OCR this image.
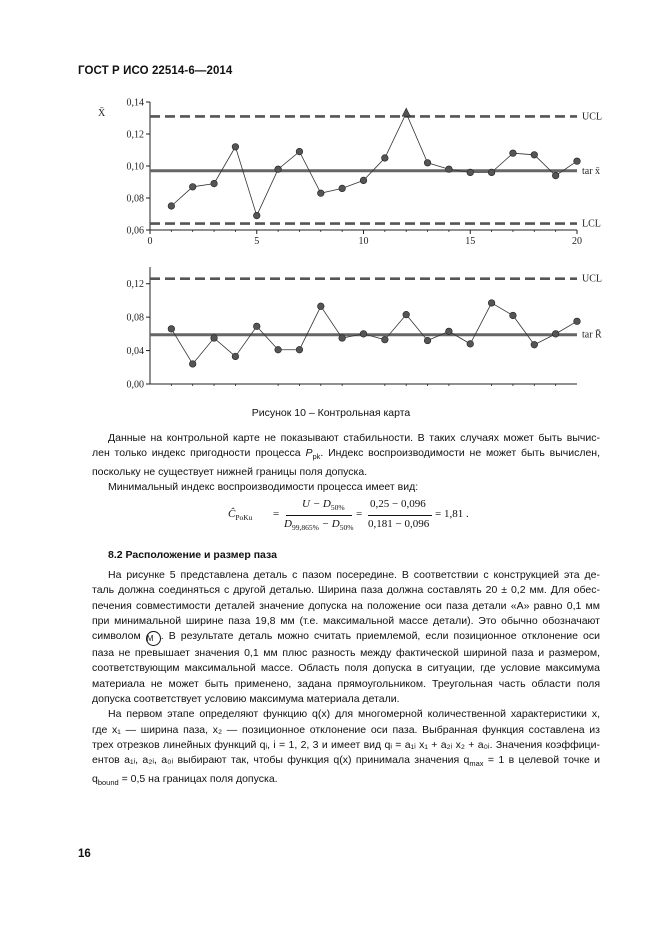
ГОСТ Р ИСО 22514-6—2014
0,06
0,08
0,10
0,12
0,14
0	5	10	15	20
UCL
tar x̄
LCL
X̄
0,00
0,04
0,08
0,12
UCL
tar R̄
Рисунок 10 – Контрольная карта

Данные на контрольной карте не показывают стабильности. В таких случаях может быть вычис-

лен только индекс пригодности процесса $P_{pk}$. Индекс воспроизводимости не может быть вычислен,

поскольку не существует нижней границы поля допуска.

Минимальный индекс воспроизводимости процесса имеет вид:

$Ĉ_{PoKu}$ =
$U - D_{50\%}$
$D_{99,865\%} - D_{50\%}$
=
0,25 − 0,096
0,181 − 0,096
= 1,81 .
8.2 Расположение и размер паза

На рисунке 5 представлена деталь с пазом посередине. В соответствии с конструкцией эта де-

таль должна соединяться с другой деталью. Ширина паза должна составлять 20 ± 0,2 мм. Для обес-

печения совместимости деталей значение допуска на положение оси паза детали «А» равно 0,1 мм

при минимальной ширине паза 19,8 мм (т.е. максимальной массе детали). Это обычно обозначают

символом M . В результате деталь можно считать приемлемой, если позиционное отклонение оси

паза не превышает значения 0,1 мм плюс разность между фактической шириной паза и размером,

соответствующим максимальной массе. Область поля допуска в ситуации, где условие максимума

материала не может быть применено, задана прямоугольником. Треугольная часть области поля

допуска соответствует условию максимума материала детали.

На первом этапе определяют функцию q(x) для многомерной количественной характеристики x,

где x₁ — ширина паза, x₂ — позиционное отклонение оси паза. Выбранная функция составлена из

трех отрезков линейных функций qᵢ, i = 1, 2, 3 и имеет вид qᵢ = a₁ᵢ x₁ + a₂ᵢ x₂ + a₀ᵢ. Значения коэффици-

ентов a₁ᵢ, a₂ᵢ, a₀ᵢ выбирают так, чтобы функция q(x) принимала значения $q_{max} = 1$ в целевой точке и

$q_{bound} = 0,5$ на границах поля допуска.

16
